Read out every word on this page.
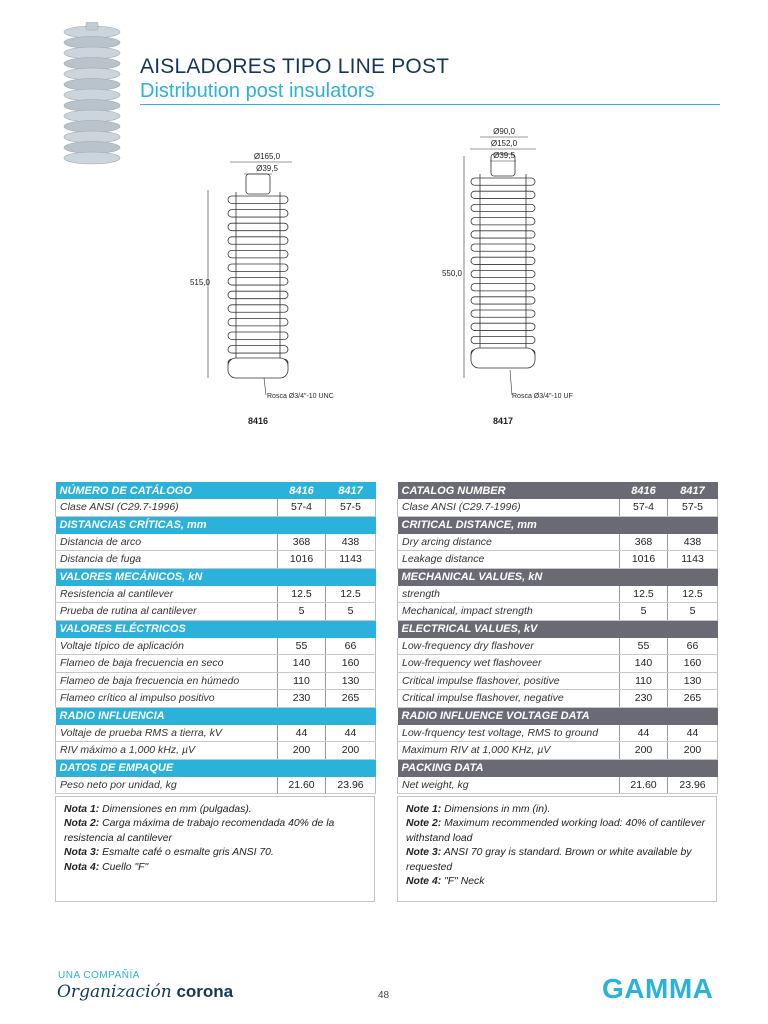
AISLADORES TIPO LINE POST
Distribution post insulators
Ø165,0
Ø39,5
515,0
Rosca Ø3/4"-10 UNC
8416
Ø90,0
Ø152,0
Ø39,5
550,0
Rosca Ø3/4"-10 UF
8417
NÚMERO DE CATÁLOGO	8416	8417
Clase ANSI (C29.7-1996)	57-4	57-5
DISTANCIAS CRÍTICAS, mm		
Distancia de arco	368	438
Distancia de fuga	1016	1143
VALORES MECÁNICOS, kN		
Resistencia al cantilever	12.5	12.5
Prueba de rutina al cantilever	5	5
VALORES ELÉCTRICOS		
Voltaje típico de aplicación	55	66
Flameo de baja frecuencia en seco	140	160
Flameo de baja frecuencia en húmedo	110	130
Flameo crítico al impulso positivo	230	265
RADIO INFLUENCIA		
Voltaje de prueba RMS a tierra, kV	44	44
RIV máximo a 1,000 kHz, µV	200	200
DATOS DE EMPAQUE		
Peso neto por unidad, kg	21.60	23.96
CATALOG NUMBER	8416	8417
Clase ANSI (C29.7-1996)	57-4	57-5
CRITICAL DISTANCE, mm		
Dry arcing distance	368	438
Leakage distance	1016	1143
MECHANICAL VALUES, kN		
strength	12.5	12.5
Mechanical, impact strength	5	5
ELECTRICAL VALUES, kV		
Low-frequency dry flashover	55	66
Low-frequency wet flashoveer	140	160
Critical impulse flashover, positive	110	130
Critical impulse flashover, negative	230	265
RADIO INFLUENCE VOLTAGE DATA		
Low-frquency test voltage, RMS to ground	44	44
Maximum RIV at 1,000 KHz, µV	200	200
PACKING DATA		
Net weight, kg	21.60	23.96
Nota 1: Dimensiones en mm (pulgadas).
Nota 2: Carga máxima de trabajo recomendada 40% de la resistencia al cantilever
Nota 3: Esmalte café o esmalte gris ANSI 70.
Nota 4: Cuello "F"
Note 1: Dimensions in mm (in).
Note 2: Maximum recommended working load: 40% of cantilever withstand load
Note 3: ANSI 70 gray is standard. Brown or white available by requested
Note 4: "F" Neck
UNA COMPAÑÍA
Organización corona	48	GAMMA
